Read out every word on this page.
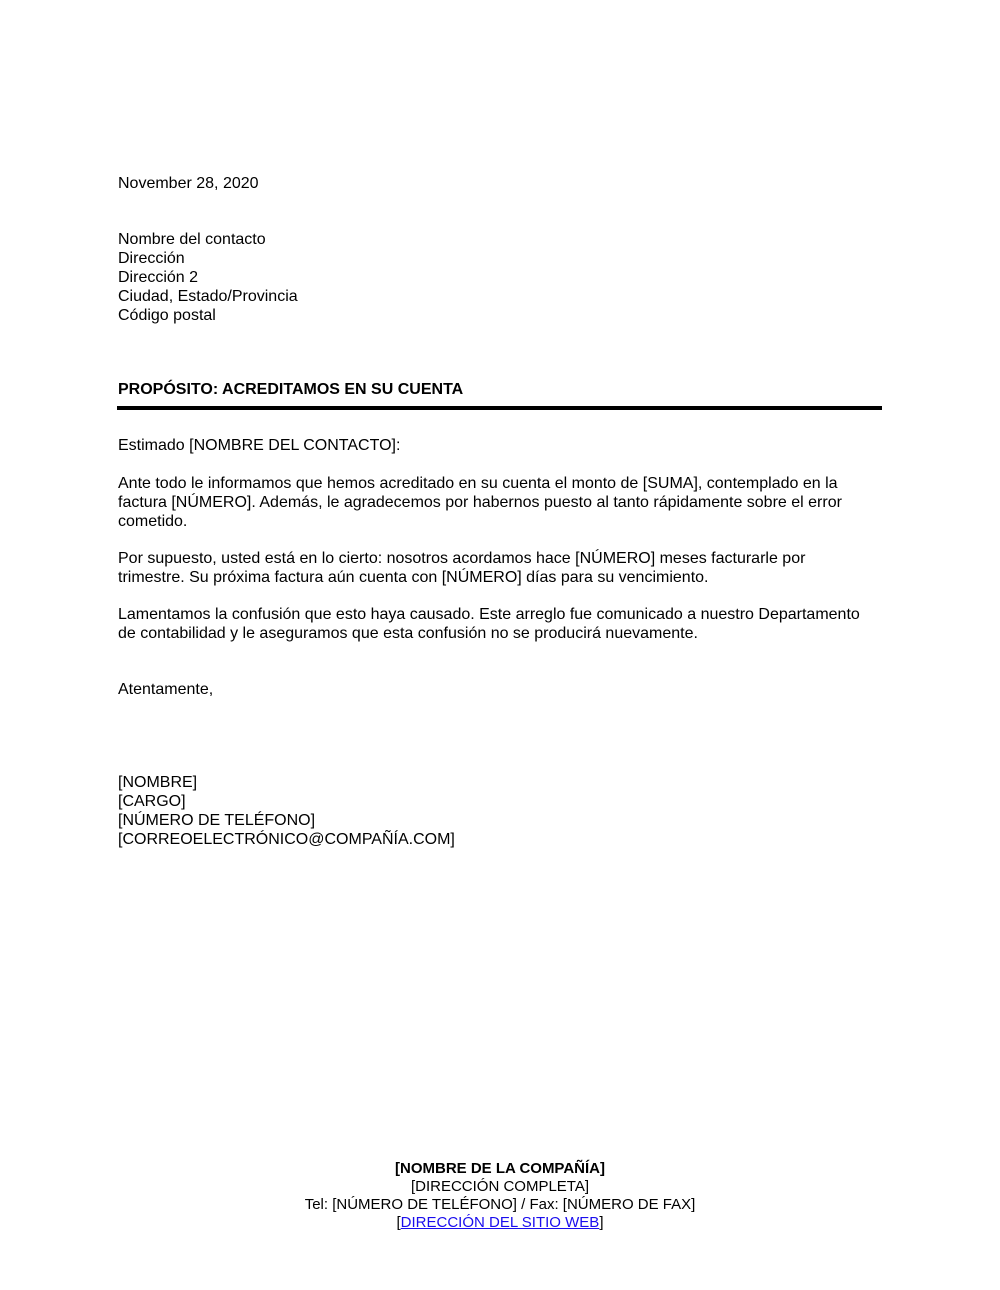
November 28, 2020
Nombre del contacto
Dirección
Dirección 2
Ciudad, Estado/Provincia
Código postal
PROPÓSITO: ACREDITAMOS EN SU CUENTA
Estimado [NOMBRE DEL CONTACTO]:
Ante todo le informamos que hemos acreditado en su cuenta el monto de [SUMA], contemplado en la
factura [NÚMERO]. Además, le agradecemos por habernos puesto al tanto rápidamente sobre el error
cometido.
Por supuesto, usted está en lo cierto: nosotros acordamos hace [NÚMERO] meses facturarle por
trimestre. Su próxima factura aún cuenta con [NÚMERO] días para su vencimiento.
Lamentamos la confusión que esto haya causado. Este arreglo fue comunicado a nuestro Departamento
de contabilidad y le aseguramos que esta confusión no se producirá nuevamente.
Atentamente,
[NOMBRE]
[CARGO]
[NÚMERO DE TELÉFONO]
[CORREOELECTRÓNICO@COMPAÑÍA.COM]
[NOMBRE DE LA COMPAÑÍA]
[DIRECCIÓN COMPLETA]
Tel: [NÚMERO DE TELÉFONO] / Fax: [NÚMERO DE FAX]
[DIRECCIÓN DEL SITIO WEB]
